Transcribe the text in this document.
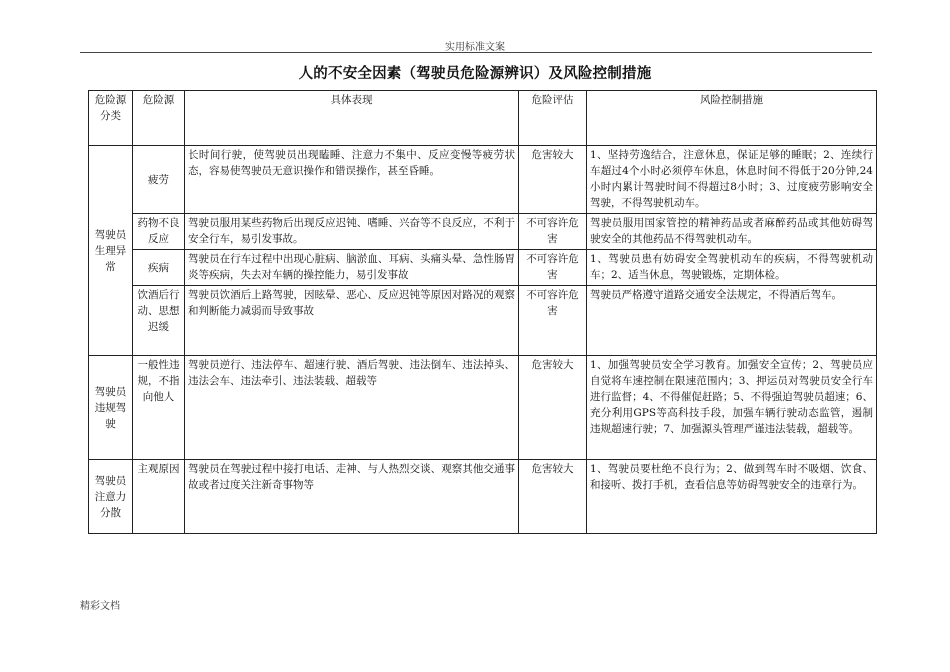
实用标准文案
人的不安全因素（驾驶员危险源辨识）及风险控制措施
危险源分类	危险源	具体表现	危险评估	风险控制措施
驾驶员生理异常	疲劳	长时间行驶，使驾驶员出现瞌睡、注意力不集中、反应变慢等疲劳状态，容易使驾驶员无意识操作和错误操作，甚至昏睡。	危害较大	1、坚持劳逸结合，注意休息，保证足够的睡眠；2、连续行车超过4个小时必须停车休息，休息时间不得低于20分钟,24小时内累计驾驶时间不得超过8小时；3、过度疲劳影响安全驾驶，不得驾驶机动车。
	药物不良反应	驾驶员服用某些药物后出现反应迟钝、嗜睡、兴奋等不良反应，不利于安全行车，易引发事故。	不可容许危害	驾驶员服用国家管控的精神药品或者麻醉药品或其他妨碍驾驶安全的其他药品不得驾驶机动车。
	疾病	驾驶员在行车过程中出现心脏病、脑淤血、耳病、头痛头晕、急性肠胃炎等疾病，失去对车辆的操控能力，易引发事故	不可容许危害	1、驾驶员患有妨碍安全驾驶机动车的疾病，不得驾驶机动车；2、适当休息，驾驶锻炼，定期体检。
	饮酒后行动、思想迟缓	驾驶员饮酒后上路驾驶，因眩晕、恶心、反应迟钝等原因对路况的观察和判断能力减弱而导致事故	不可容许危害	驾驶员严格遵守道路交通安全法规定，不得酒后驾车。
驾驶员违规驾驶	一般性违规，不指向他人	驾驶员逆行、违法停车、超速行驶、酒后驾驶、违法倒车、违法掉头、违法会车、违法牵引、违法装载、超载等	危害较大	1、加强驾驶员安全学习教育。加强安全宣传；2、驾驶员应自觉将车速控制在限速范围内；3、押运员对驾驶员安全行车进行监督；4、不得催促赶路；5、不得强迫驾驶员超速；6、充分利用GPS等高科技手段，加强车辆行驶动态监管，遏制违规超速行驶；7、加强源头管理严谨违法装载，超载等。
驾驶员注意力分散	主观原因	驾驶员在驾驶过程中接打电话、走神、与人热烈交谈、观察其他交通事故或者过度关注新奇事物等	危害较大	1、驾驶员要杜绝不良行为；2、做到驾车时不吸烟、饮食、和接听、拨打手机，查看信息等妨碍驾驶安全的违章行为。
精彩文档
